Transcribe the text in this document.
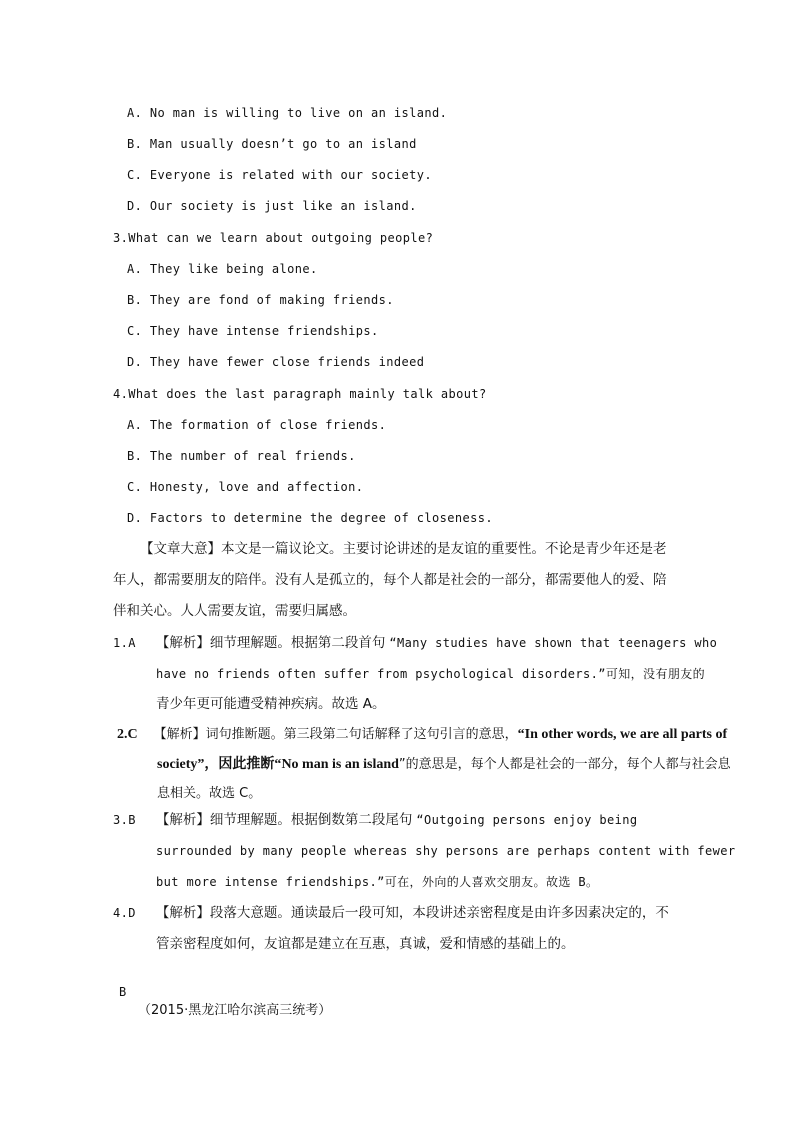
A. No man is willing to live on an island.
B. Man usually doesn’t go to an island
C. Everyone is related with our society.
D. Our society is just like an island.
3.What can we learn about outgoing people?
A. They like being alone.
B. They are fond of making friends.
C. They have intense friendships.
D. They have fewer close friends indeed
4.What does the last paragraph mainly talk about?
A. The formation of close friends.
B. The number of real friends.
C. Honesty, love and affection.
D. Factors to determine the degree of closeness.
【文章大意】本文是一篇议论文。主要讨论讲述的是友谊的重要性。不论是青少年还是老
年人，都需要朋友的陪伴。没有人是孤立的，每个人都是社会的一部分，都需要他人的爱、陪
伴和关心。人人需要友谊，需要归属感。
1.A 【解析】细节理解题。根据第二段首句 “Many studies have shown that teenagers who
have no friends often suffer from psychological disorders.”可知，没有朋友的
青少年更可能遭受精神疾病。故选 A。
2.C 【解析】词句推断题。第三段第二句话解释了这句引言的意思，“In other words, we are all parts of
society”，因此推断“No man is an island”的意思是，每个人都是社会的一部分，每个人都与社会息
息相关。故选 C。
3.B 【解析】细节理解题。根据倒数第二段尾句 “Outgoing persons enjoy being
surrounded by many people whereas shy persons are perhaps content with fewer
but more intense friendships.”可在，外向的人喜欢交朋友。故选 B。
4.D 【解析】段落大意题。通读最后一段可知，本段讲述亲密程度是由许多因素决定的，不
管亲密程度如何，友谊都是建立在互惠，真诚，爱和情感的基础上的。
B
（2015·黑龙江哈尔滨高三统考）
